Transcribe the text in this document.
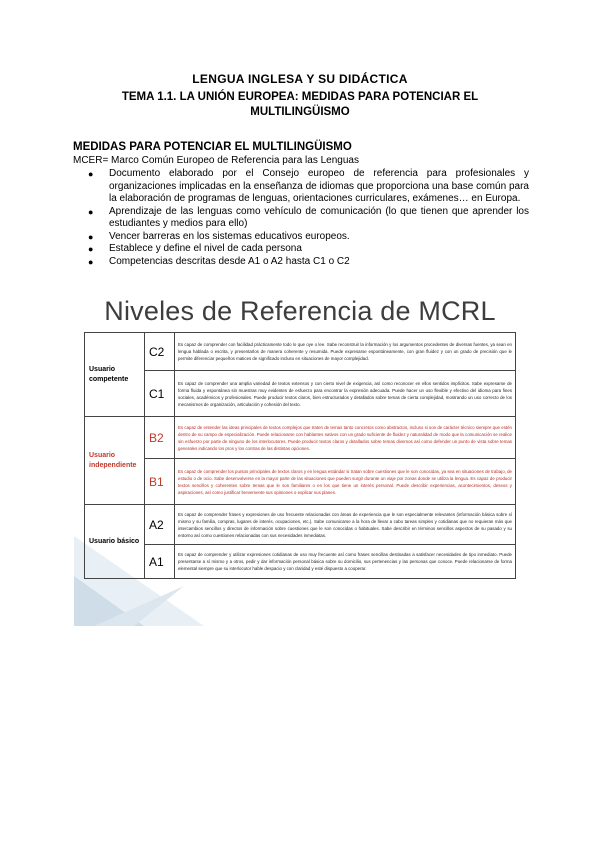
LENGUA INGLESA Y SU DIDÁCTICA
TEMA 1.1. LA UNIÓN EUROPEA: MEDIDAS PARA POTENCIAR EL MULTILINGÜISMO
MEDIDAS PARA POTENCIAR EL MULTILINGÜISMO
MCER= Marco Común Europeo de Referencia para las Lenguas
● Documento elaborado por el Consejo europeo de referencia para profesionales y organizaciones implicadas en la enseñanza de idiomas que proporciona una base común para la elaboración de programas de lenguas, orientaciones curriculares, exámenes… en Europa.
● Aprendizaje de las lenguas como vehículo de comunicación (lo que tienen que aprender los estudiantes y medios para ello)
● Vencer barreras en los sistemas educativos europeos.
● Establece y define el nivel de cada persona
● Competencias descritas desde A1 o A2 hasta C1 o C2
Niveles de Referencia de MCRL
Usuario competente	C2	Es capaz de comprender con facilidad prácticamente todo lo que oye o lee. Sabe reconstruir la información y los argumentos procedentes de diversas fuentes, ya sean en lengua hablada o escrita, y presentarlos de manera coherente y resumida. Puede expresarse espontáneamente, con gran fluidez y con un grado de precisión que le permite diferenciar pequeños matices de significado incluso en situaciones de mayor complejidad.
	C1	Es capaz de comprender una amplia variedad de textos extensos y con cierto nivel de exigencia, así como reconocer en ellos sentidos implícitos. Sabe expresarse de forma fluida y espontánea sin muestras muy evidentes de esfuerzo para encontrar la expresión adecuada. Puede hacer un uso flexible y efectivo del idioma para fines sociales, académicos y profesionales. Puede producir textos claros, bien estructurados y detallados sobre temas de cierta complejidad, mostrando un uso correcto de los mecanismos de organización, articulación y cohesión del texto.
Usuario independiente	B2	Es capaz de entender las ideas principales de textos complejos que traten de temas tanto concretos como abstractos, incluso si son de carácter técnico siempre que estén dentro de su campo de especialización. Puede relacionarse con hablantes nativos con un grado suficiente de fluidez y naturalidad de modo que la comunicación se realice sin esfuerzo por parte de ninguno de los interlocutores. Puede producir textos claros y detallados sobre temas diversos así como defender un punto de vista sobre temas generales indicando los pros y los contras de las distintas opciones.
	B1	Es capaz de comprender los puntos principales de textos claros y en lengua estándar si tratan sobre cuestiones que le son conocidas, ya sea en situaciones de trabajo, de estudio o de ocio. Sabe desenvolverse en la mayor parte de las situaciones que pueden surgir durante un viaje por zonas donde se utiliza la lengua. Es capaz de producir textos sencillos y coherentes sobre temas que le son familiares o en los que tiene un interés personal. Puede describir experiencias, acontecimientos, deseos y aspiraciones, así como justificar brevemente sus opiniones o explicar sus planes.
Usuario básico	A2	Es capaz de comprender frases y expresiones de uso frecuente relacionadas con áreas de experiencia que le son especialmente relevantes (información básica sobre sí mismo y su familia, compras, lugares de interés, ocupaciones, etc.). Sabe comunicarse a la hora de llevar a cabo tareas simples y cotidianas que no requieran más que intercambios sencillos y directos de información sobre cuestiones que le son conocidas o habituales. Sabe describir en términos sencillos aspectos de su pasado y su entorno así como cuestiones relacionadas con sus necesidades inmediatas.
	A1	Es capaz de comprender y utilizar expresiones cotidianas de uso muy frecuente así como frases sencillas destinadas a satisfacer necesidades de tipo inmediato. Puede presentarse a sí mismo y a otros, pedir y dar información personal básica sobre su domicilio, sus pertenencias y las personas que conoce. Puede relacionarse de forma elemental siempre que su interlocutor hable despacio y con claridad y esté dispuesto a cooperar.
